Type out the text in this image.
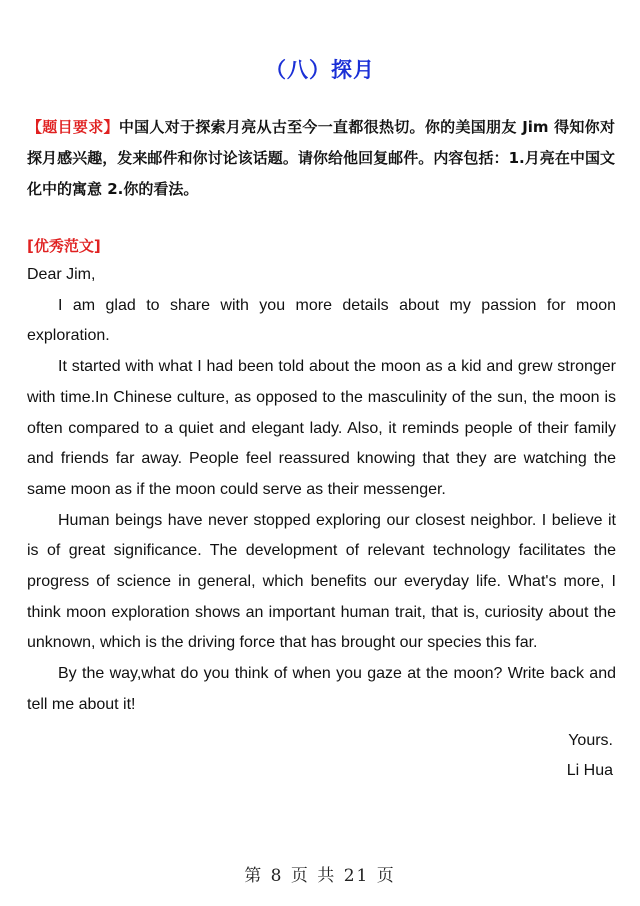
（八）探月
【题目要求】中国人对于探索月亮从古至今一直都很热切。你的美国朋友 Jim 得知你对探月感兴趣，发来邮件和你讨论该话题。请你给他回复邮件。内容包括：1.月亮在中国文化中的寓意 2.你的看法。
[优秀范文]

Dear Jim,

I am glad to share with you more details about my passion for moon exploration.

It started with what I had been told about the moon as a kid and grew stronger with time.In Chinese culture, as opposed to the masculinity of the sun, the moon is often compared to a quiet and elegant lady. Also, it reminds people of their family and friends far away. People feel reassured knowing that they are watching the same moon as if the moon could serve as their messenger.

Human beings have never stopped exploring our closest neighbor. I believe it is of great significance. The development of relevant technology facilitates the progress of science in general, which benefits our everyday life. What's more, I think moon exploration shows an important human trait, that is, curiosity about the unknown, which is the driving force that has brought our species this far.

By the way,what do you think of when you gaze at the moon? Write back and tell me about it!

Yours.
Li Hua
第 8 页 共 21 页
